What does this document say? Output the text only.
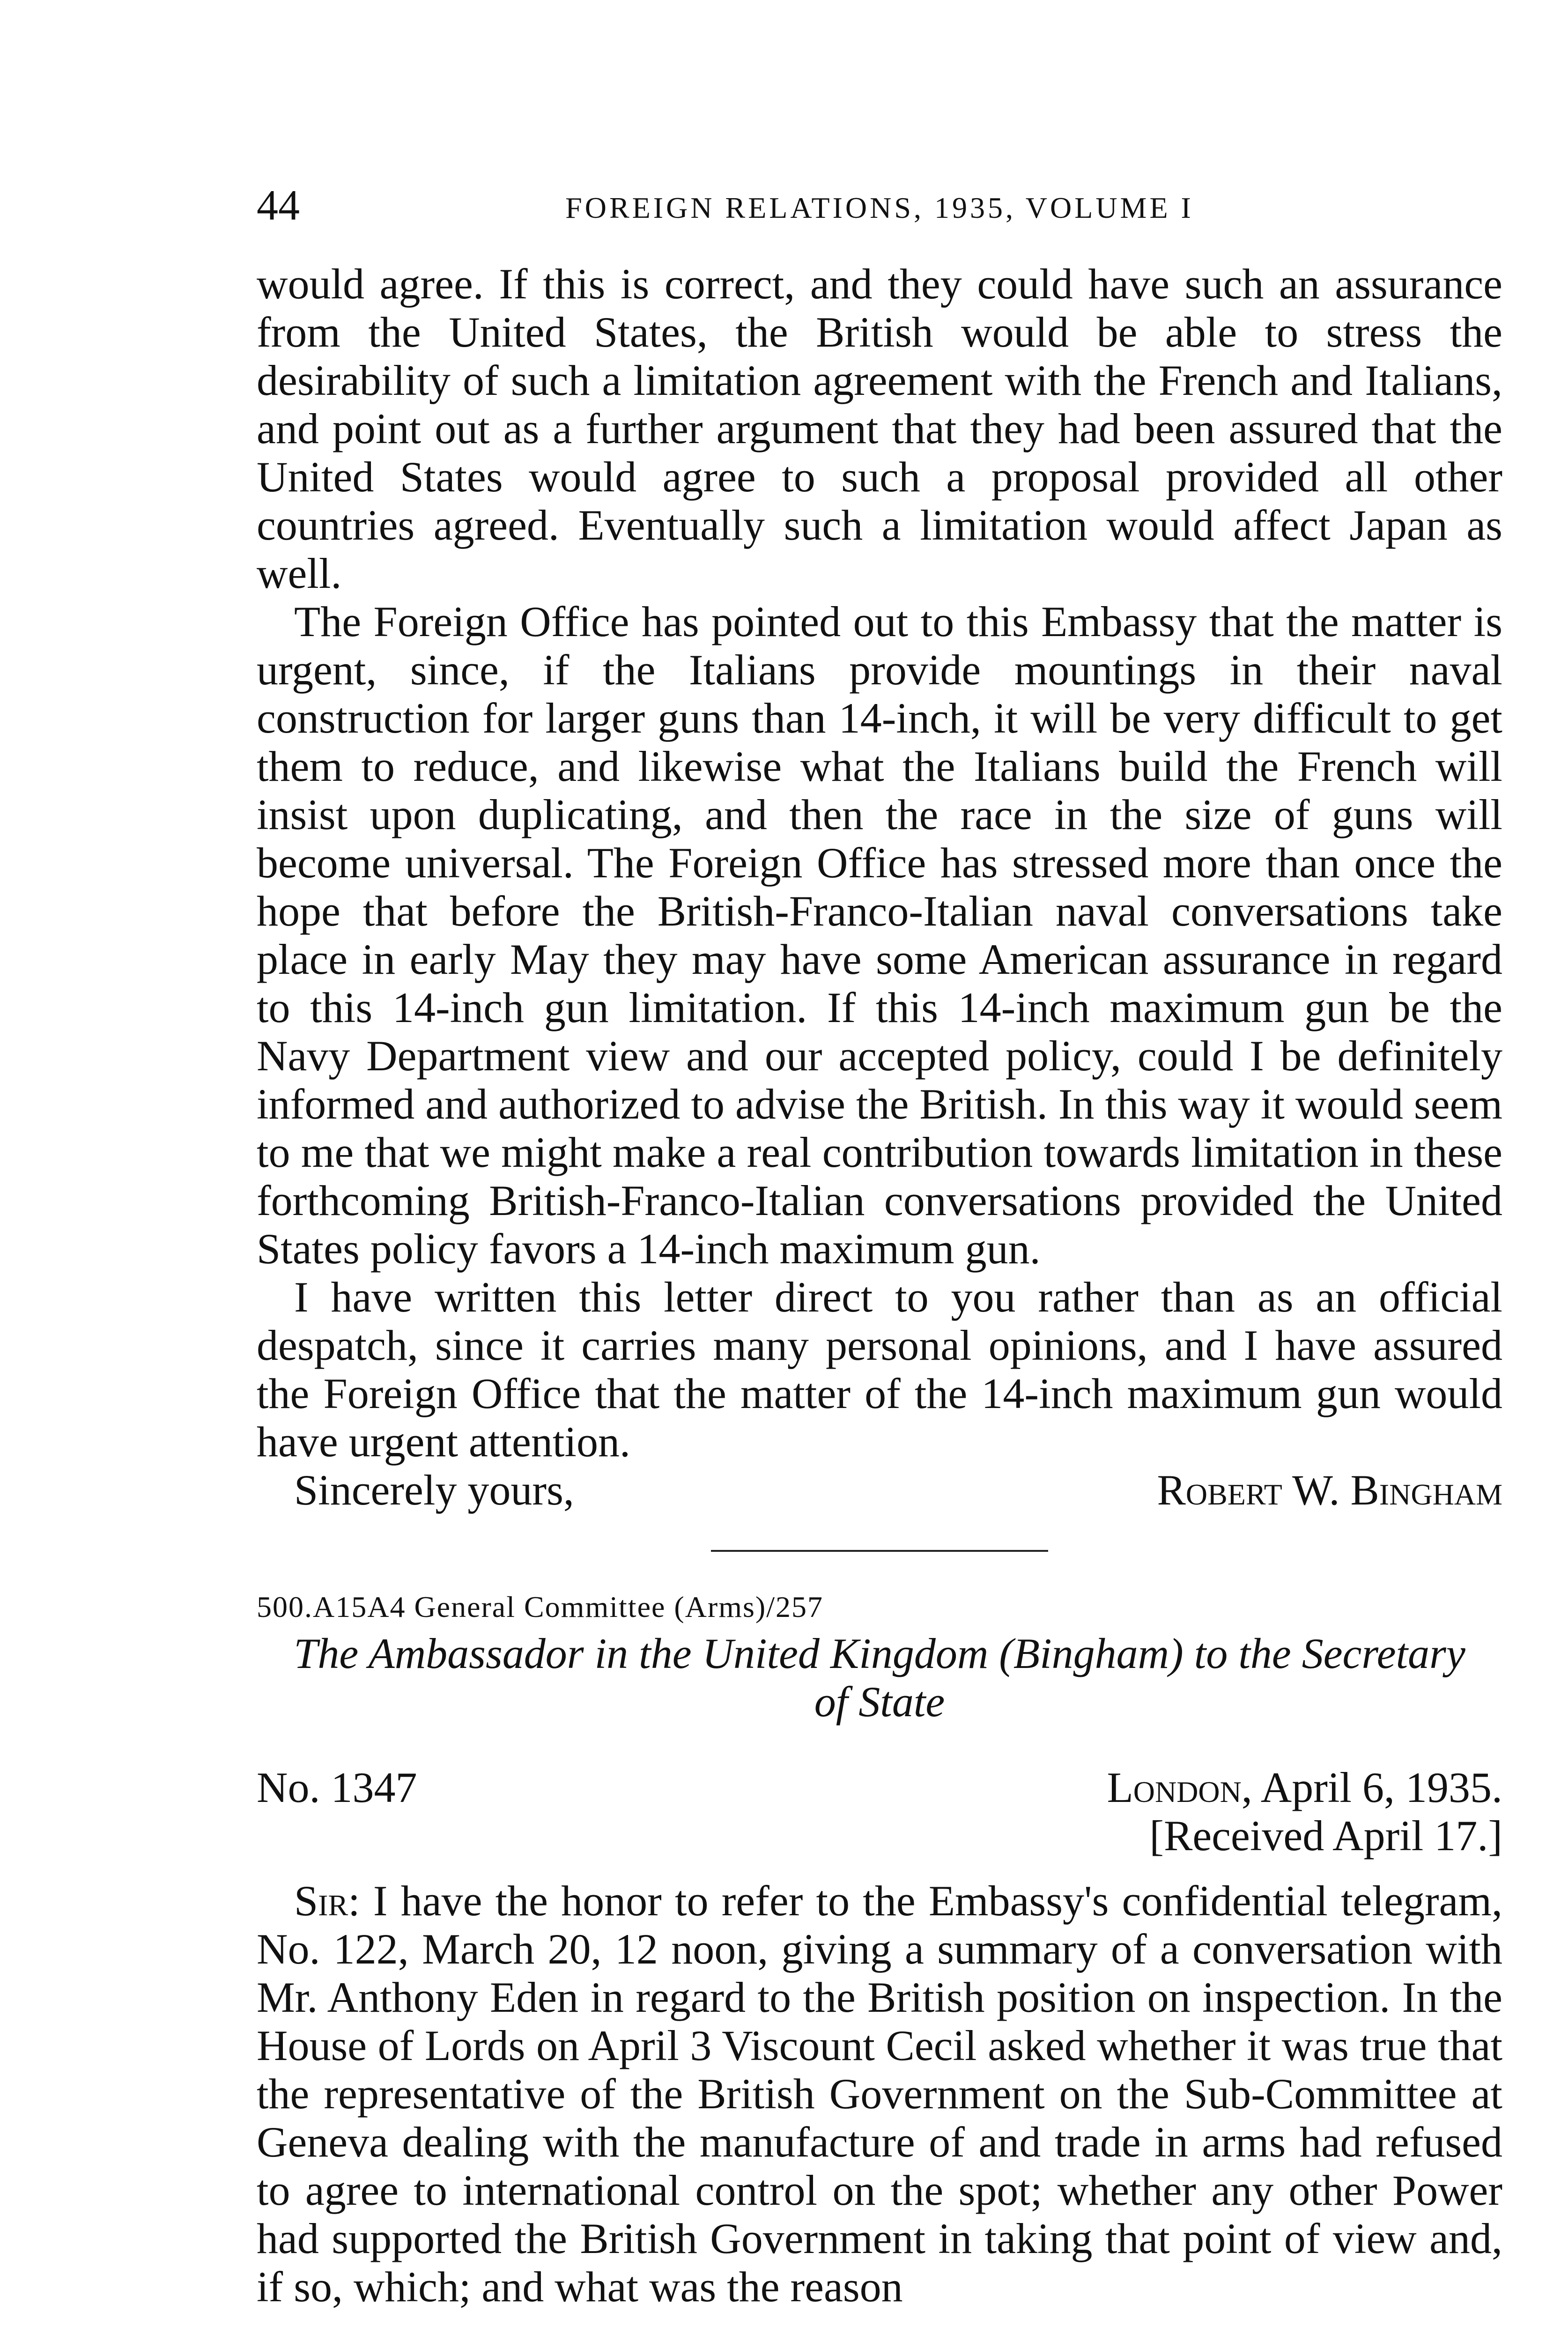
44	FOREIGN RELATIONS, 1935, VOLUME I

would agree. If this is correct, and they could have such an assurance from the United States, the British would be able to stress the desirability of such a limitation agreement with the French and Italians, and point out as a further argument that they had been assured that the United States would agree to such a proposal provided all other countries agreed. Eventually such a limitation would affect Japan as well.

The Foreign Office has pointed out to this Embassy that the matter is urgent, since, if the Italians provide mountings in their naval construction for larger guns than 14-inch, it will be very difficult to get them to reduce, and likewise what the Italians build the French will insist upon duplicating, and then the race in the size of guns will become universal. The Foreign Office has stressed more than once the hope that before the British-Franco-Italian naval conversations take place in early May they may have some American assurance in regard to this 14-inch gun limitation. If this 14-inch maximum gun be the Navy Department view and our accepted policy, could I be definitely informed and authorized to advise the British. In this way it would seem to me that we might make a real contribution towards limitation in these forthcoming British-Franco-Italian conversations provided the United States policy favors a 14-inch maximum gun.

I have written this letter direct to you rather than as an official despatch, since it carries many personal opinions, and I have assured the Foreign Office that the matter of the 14-inch maximum gun would have urgent attention.

Sincerely yours,	Robert W. Bingham
500.A15A4 General Committee (Arms)/257

The Ambassador in the United Kingdom (Bingham) to the Secretary
of State

No. 1347	London, April 6, 1935.
[Received April 17.]

Sir: I have the honor to refer to the Embassy's confidential telegram, No. 122, March 20, 12 noon, giving a summary of a conversation with Mr. Anthony Eden in regard to the British position on inspection. In the House of Lords on April 3 Viscount Cecil asked whether it was true that the representative of the British Government on the Sub-Committee at Geneva dealing with the manufacture of and trade in arms had refused to agree to international control on the spot; whether any other Power had supported the British Government in taking that point of view and, if so, which; and what was the reason
